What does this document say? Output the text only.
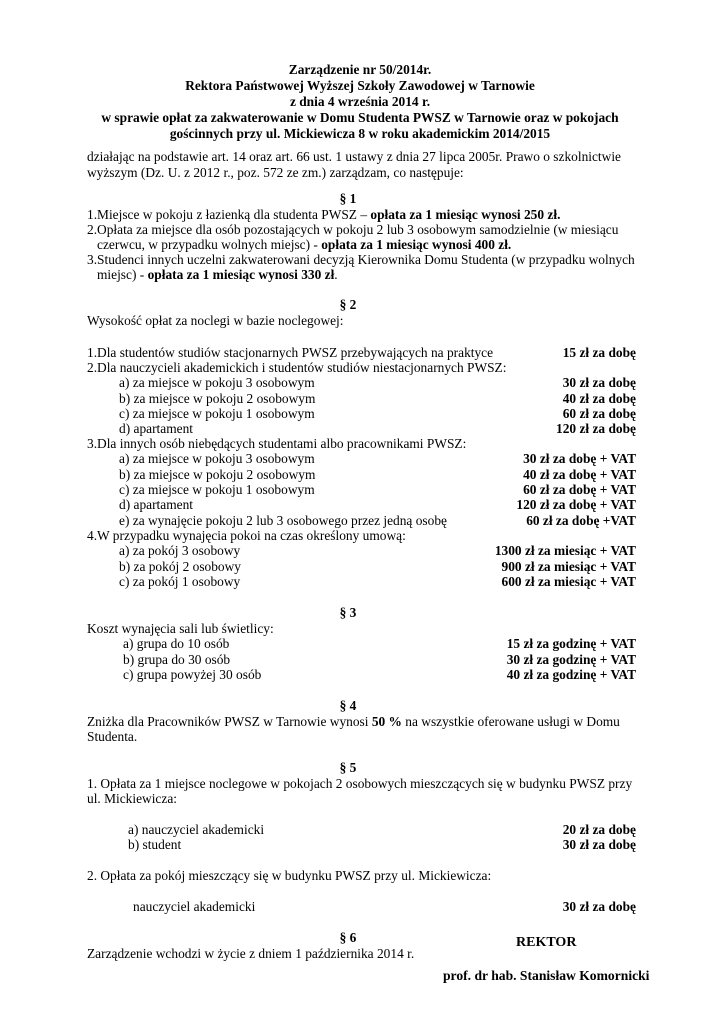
Zarządzenie nr 50/2014r.
Rektora Państwowej Wyższej Szkoły Zawodowej w Tarnowie
z dnia 4 września 2014 r.
w sprawie opłat za zakwaterowanie w Domu Studenta PWSZ w Tarnowie oraz w pokojach
gościnnych przy ul. Mickiewicza 8 w roku akademickim 2014/2015
działając na podstawie art. 14 oraz art. 66 ust. 1 ustawy z dnia 27 lipca 2005r. Prawo o szkolnictwie
wyższym (Dz. U. z 2012 r., poz. 572 ze zm.) zarządzam, co następuje:
§ 1
1.Miejsce w pokoju z łazienką dla studenta PWSZ – opłata za 1 miesiąc wynosi 250 zł.
2.Opłata za miejsce dla osób pozostających w pokoju 2 lub 3 osobowym samodzielnie (w miesiącu
czerwcu, w przypadku wolnych miejsc) - opłata za 1 miesiąc wynosi 400 zł.
3.Studenci innych uczelni zakwaterowani decyzją Kierownika Domu Studenta (w przypadku wolnych
miejsc) - opłata za 1 miesiąc wynosi 330 zł.
§ 2
Wysokość opłat za noclegi w bazie noclegowej:
1.Dla studentów studiów stacjonarnych PWSZ przebywających na praktyce	15 zł za dobę
2.Dla nauczycieli akademickich i studentów studiów niestacjonarnych PWSZ:
a) za miejsce w pokoju 3 osobowym	30 zł za dobę
b) za miejsce w pokoju 2 osobowym	40 zł za dobę
c) za miejsce w pokoju 1 osobowym	60 zł za dobę
d) apartament	120 zł za dobę
3.Dla innych osób niebędących studentami albo pracownikami PWSZ:
a) za miejsce w pokoju 3 osobowym	30 zł za dobę + VAT
b) za miejsce w pokoju 2 osobowym	40 zł za dobę + VAT
c) za miejsce w pokoju 1 osobowym	60 zł za dobę + VAT
d) apartament	120 zł za dobę + VAT
e) za wynajęcie pokoju 2 lub 3 osobowego przez jedną osobę	60 zł za dobę +VAT
4.W przypadku wynajęcia pokoi na czas określony umową:
a) za pokój 3 osobowy	1300 zł za miesiąc + VAT
b) za pokój 2 osobowy	900 zł za miesiąc + VAT
c) za pokój 1 osobowy	600 zł za miesiąc + VAT
§ 3
Koszt wynajęcia sali lub świetlicy:
a) grupa do 10 osób	15 zł za godzinę + VAT
b) grupa do 30 osób	30 zł za godzinę + VAT
c) grupa powyżej 30 osób	40 zł za godzinę + VAT
§ 4
Zniżka dla Pracowników PWSZ w Tarnowie wynosi 50 % na wszystkie oferowane usługi w Domu
Studenta.
§ 5
1. Opłata za 1 miejsce noclegowe w pokojach 2 osobowych mieszczących się w budynku PWSZ przy
ul. Mickiewicza:
a) nauczyciel akademicki	20 zł za dobę
b) student	30 zł za dobę
2. Opłata za pokój mieszczący się w budynku PWSZ przy ul. Mickiewicza:
nauczyciel akademicki	30 zł za dobę
§ 6
Zarządzenie wchodzi w życie z dniem 1 października 2014 r.
REKTOR
prof. dr hab. Stanisław Komornicki
